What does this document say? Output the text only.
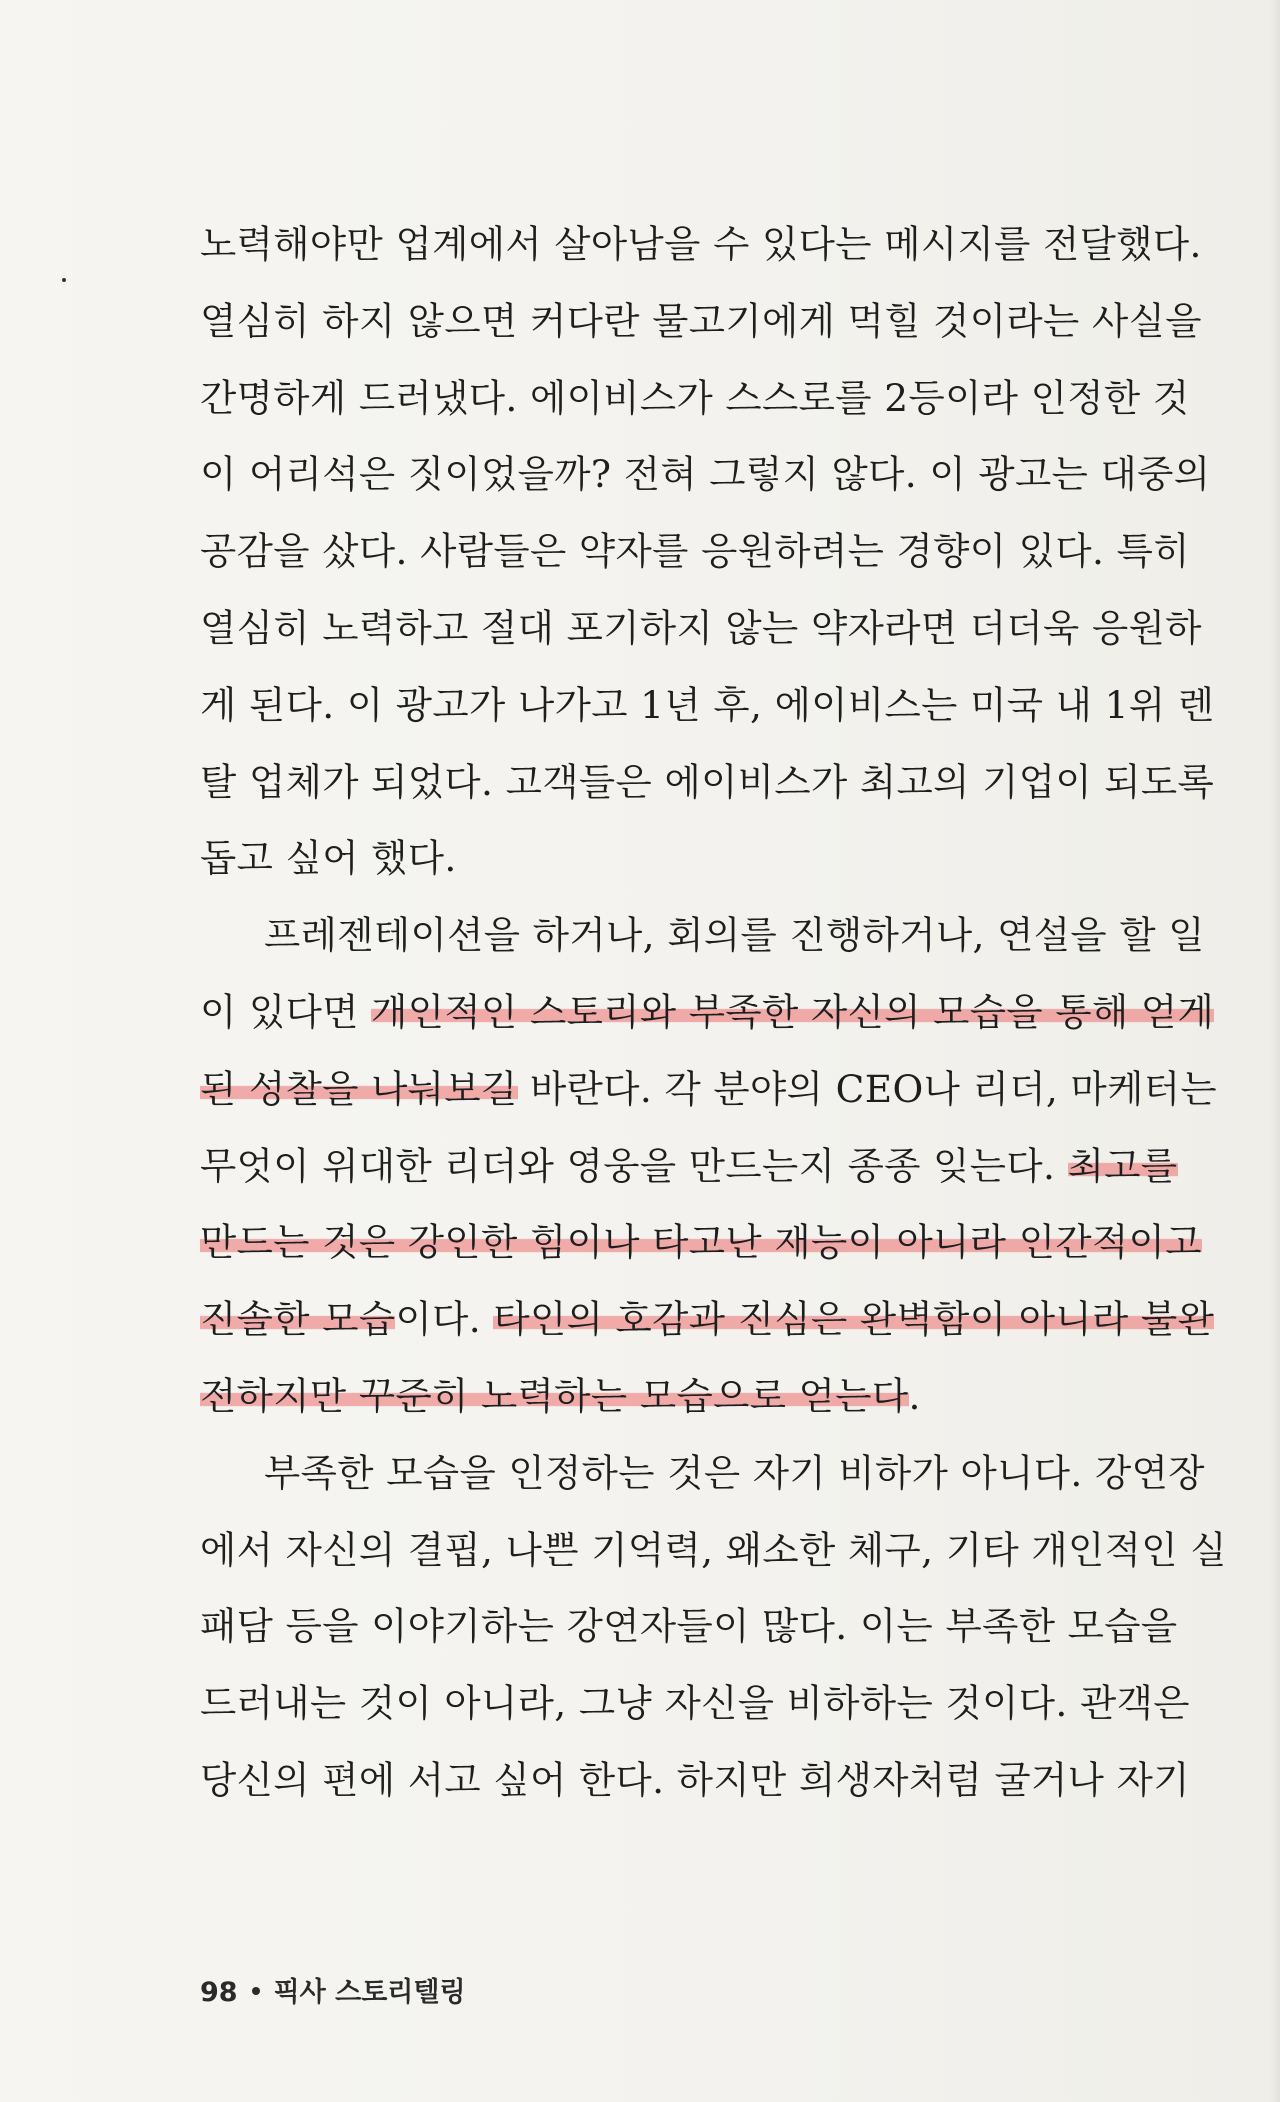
노력해야만 업계에서 살아남을 수 있다는 메시지를 전달했다.
열심히 하지 않으면 커다란 물고기에게 먹힐 것이라는 사실을
간명하게 드러냈다. 에이비스가 스스로를 2등이라 인정한 것
이 어리석은 짓이었을까? 전혀 그렇지 않다. 이 광고는 대중의
공감을 샀다. 사람들은 약자를 응원하려는 경향이 있다. 특히
열심히 노력하고 절대 포기하지 않는 약자라면 더더욱 응원하
게 된다. 이 광고가 나가고 1년 후, 에이비스는 미국 내 1위 렌
탈 업체가 되었다. 고객들은 에이비스가 최고의 기업이 되도록
돕고 싶어 했다.
프레젠테이션을 하거나, 회의를 진행하거나, 연설을 할 일
이 있다면 개인적인 스토리와 부족한 자신의 모습을 통해 얻게
된 성찰을 나눠보길 바란다. 각 분야의 CEO나 리더, 마케터는
무엇이 위대한 리더와 영웅을 만드는지 종종 잊는다. 최고를
만드는 것은 강인한 힘이나 타고난 재능이 아니라 인간적이고
진솔한 모습이다. 타인의 호감과 진심은 완벽함이 아니라 불완
전하지만 꾸준히 노력하는 모습으로 얻는다.
부족한 모습을 인정하는 것은 자기 비하가 아니다. 강연장
에서 자신의 결핍, 나쁜 기억력, 왜소한 체구, 기타 개인적인 실
패담 등을 이야기하는 강연자들이 많다. 이는 부족한 모습을
드러내는 것이 아니라, 그냥 자신을 비하하는 것이다. 관객은
당신의 편에 서고 싶어 한다. 하지만 희생자처럼 굴거나 자기
98 픽사 스토리텔링
